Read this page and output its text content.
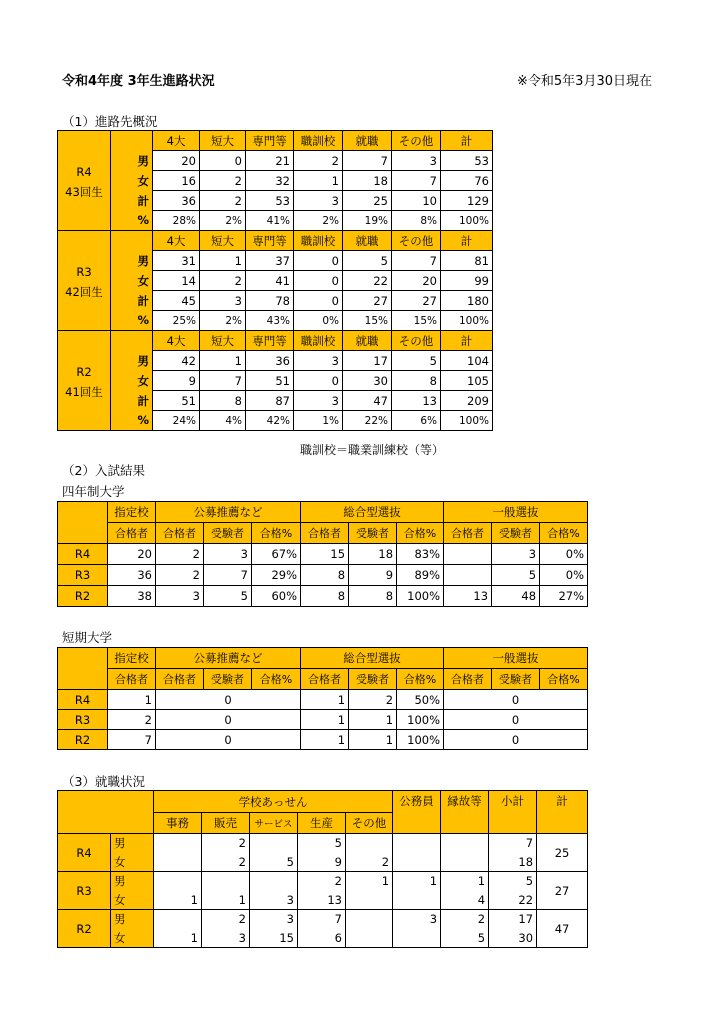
令和4年度 3年生進路状況	※令和5年3月30日現在
（1）進路先概況
R4
43回生		4大	短大	専門等	職訓校	就職	その他	計
	男	20	0	21	2	7	3	53
	女	16	2	32	1	18	7	76
	計	36	2	53	3	25	10	129
	%	28%	2%	41%	2%	19%	8%	100%

R3
42回生		4大	短大	専門等	職訓校	就職	その他	計
	男	31	1	37	0	5	7	81
	女	14	2	41	0	22	20	99
	計	45	3	78	0	27	27	180
	%	25%	2%	43%	0%	15%	15%	100%

R2
41回生		4大	短大	専門等	職訓校	就職	その他	計
	男	42	1	36	3	17	5	104
	女	9	7	51	0	30	8	105
	計	51	8	87	3	47	13	209
	%	24%	4%	42%	1%	22%	6%	100%
職訓校＝職業訓練校（等）
（2）入試結果
四年制大学
	指定校	公募推薦など			総合型選抜			一般選抜		
	合格者	合格者	受験者	合格%	合格者	受験者	合格%	合格者	受験者	合格%
R4	20	2	3	67%	15	18	83%		3	0%
R3	36	2	7	29%	8	9	89%		5	0%
R2	38	3	5	60%	8	8	100%	13	48	27%
短期大学
	指定校	公募推薦など			総合型選抜			一般選抜		
	合格者	合格者	受験者	合格%	合格者	受験者	合格%	合格者	受験者	合格%
R4	1	0			1	2	50%	0		
R3	2	0			1	1	100%	0		
R2	7	0			1	1	100%	0		
（3）就職状況
		学校あっせん					公務員	縁故等	小計	計
		事務	販売	サービス	生産	その他				
R4	男		2		5				7	25
	女		2	5	9	2			18	
R3	男				2	1	1	1	5	27
	女	1	1	3	13			4	22	
R2	男		2	3	7		3	2	17	47
	女	1	3	15	6			5	30	
